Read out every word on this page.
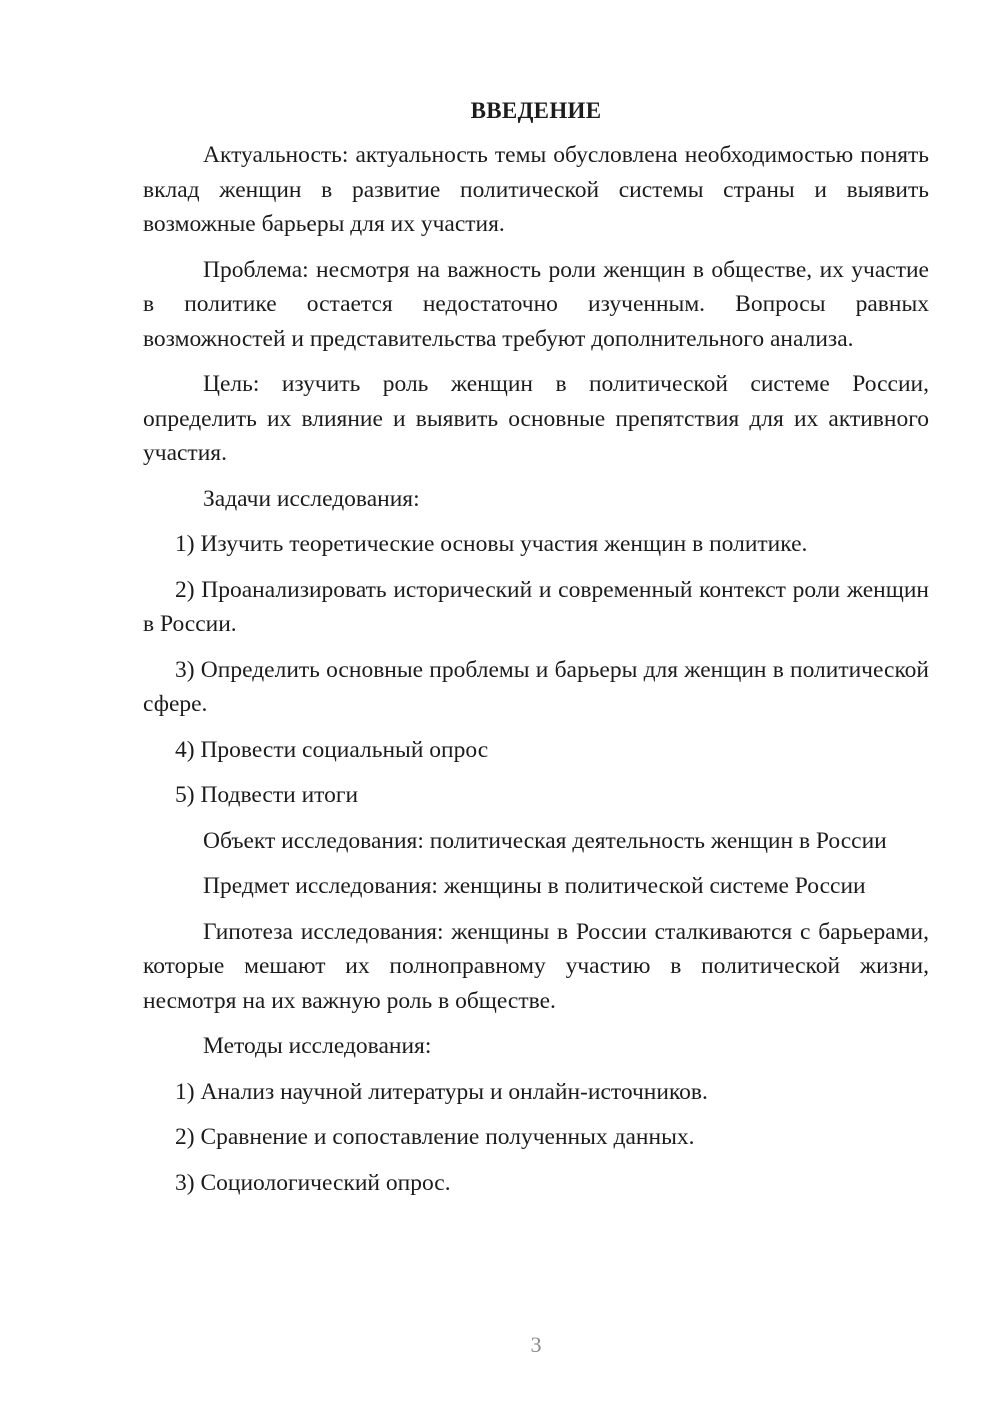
ВВЕДЕНИЕ

Актуальность: актуальность темы обусловлена необходимостью понять вклад женщин в развитие политической системы страны и выявить возможные барьеры для их участия.

Проблема: несмотря на важность роли женщин в обществе, их участие в политике остается недостаточно изученным. Вопросы равных возможностей и представительства требуют дополнительного анализа.

Цель: изучить роль женщин в политической системе России, определить их влияние и выявить основные препятствия для их активного участия.

Задачи исследования:

1) Изучить теоретические основы участия женщин в политике.

2) Проанализировать исторический и современный контекст роли женщин в России.

3) Определить основные проблемы и барьеры для женщин в политической сфере.

4) Провести социальный опрос

5) Подвести итоги

Объект исследования: политическая деятельность женщин в России

Предмет исследования: женщины в политической системе России

Гипотеза исследования: женщины в России сталкиваются с барьерами, которые мешают их полноправному участию в политической жизни, несмотря на их важную роль в обществе.

Методы исследования:

1) Анализ научной литературы и онлайн-источников.

2) Сравнение и сопоставление полученных данных.

3) Социологический опрос.

3
